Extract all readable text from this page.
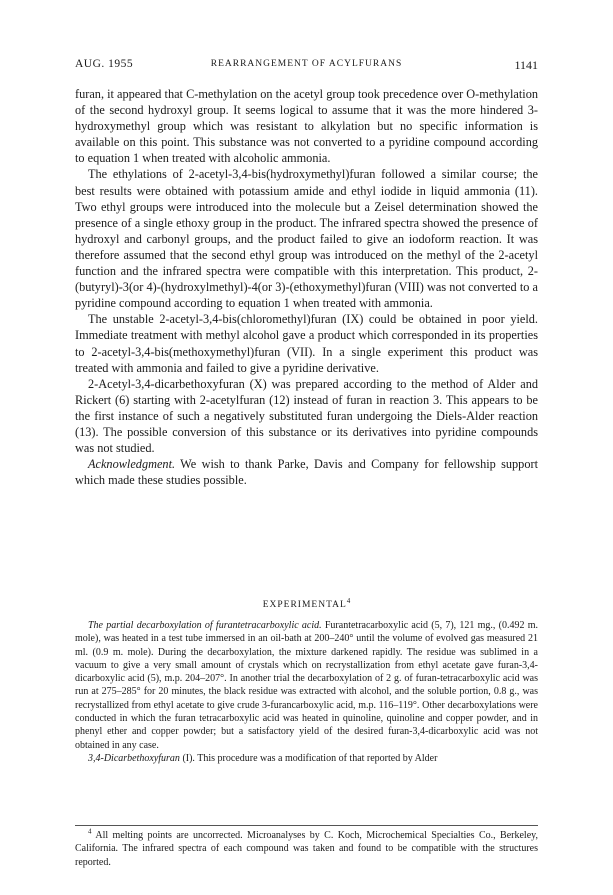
AUG. 1955	REARRANGEMENT OF ACYLFURANS	1141

furan, it appeared that C-methylation on the acetyl group took precedence over O-methylation of the second hydroxyl group. It seems logical to assume that it was the more hindered 3-hydroxymethyl group which was resistant to alkylation but no specific information is available on this point. This substance was not converted to a pyridine compound according to equation 1 when treated with alcoholic ammonia.

The ethylations of 2-acetyl-3,4-bis(hydroxymethyl)furan followed a similar course; the best results were obtained with potassium amide and ethyl iodide in liquid ammonia (11). Two ethyl groups were introduced into the molecule but a Zeisel determination showed the presence of a single ethoxy group in the product. The infrared spectra showed the presence of hydroxyl and carbonyl groups, and the product failed to give an iodoform reaction. It was therefore assumed that the second ethyl group was introduced on the methyl of the 2-acetyl function and the infrared spectra were compatible with this interpretation. This product, 2-(butyryl)-3(or 4)-(hydroxylmethyl)-4(or 3)-(ethoxymethyl)furan (VIII) was not converted to a pyridine compound according to equation 1 when treated with ammonia.

The unstable 2-acetyl-3,4-bis(chloromethyl)furan (IX) could be obtained in poor yield. Immediate treatment with methyl alcohol gave a product which corresponded in its properties to 2-acetyl-3,4-bis(methoxymethyl)furan (VII). In a single experiment this product was treated with ammonia and failed to give a pyridine derivative.

2-Acetyl-3,4-dicarbethoxyfuran (X) was prepared according to the method of Alder and Rickert (6) starting with 2-acetylfuran (12) instead of furan in reaction 3. This appears to be the first instance of such a negatively substituted furan undergoing the Diels-Alder reaction (13). The possible conversion of this substance or its derivatives into pyridine compounds was not studied.

Acknowledgment. We wish to thank Parke, Davis and Company for fellowship support which made these studies possible.

EXPERIMENTAL$^4$

The partial decarboxylation of furantetracarboxylic acid. Furantetracarboxylic acid (5, 7), 121 mg., (0.492 m. mole), was heated in a test tube immersed in an oil-bath at 200–240° until the volume of evolved gas measured 21 ml. (0.9 m. mole). During the decarboxylation, the mixture darkened rapidly. The residue was sublimed in a vacuum to give a very small amount of crystals which on recrystallization from ethyl acetate gave furan-3,4-dicarboxylic acid (5), m.p. 204–207°. In another trial the decarboxylation of 2 g. of furan-tetracarboxylic acid was run at 275–285° for 20 minutes, the black residue was extracted with alcohol, and the soluble portion, 0.8 g., was recrystallized from ethyl acetate to give crude 3-furancarboxylic acid, m.p. 116–119°. Other decarboxylations were conducted in which the furan tetracarboxylic acid was heated in quinoline, quinoline and copper powder, and in phenyl ether and copper powder; but a satisfactory yield of the desired furan-3,4-dicarboxylic acid was not obtained in any case.

3,4-Dicarbethoxyfuran (I). This procedure was a modification of that reported by Alder

$^4$ All melting points are uncorrected. Microanalyses by C. Koch, Microchemical Specialties Co., Berkeley, California. The infrared spectra of each compound was taken and found to be compatible with the structures reported.
